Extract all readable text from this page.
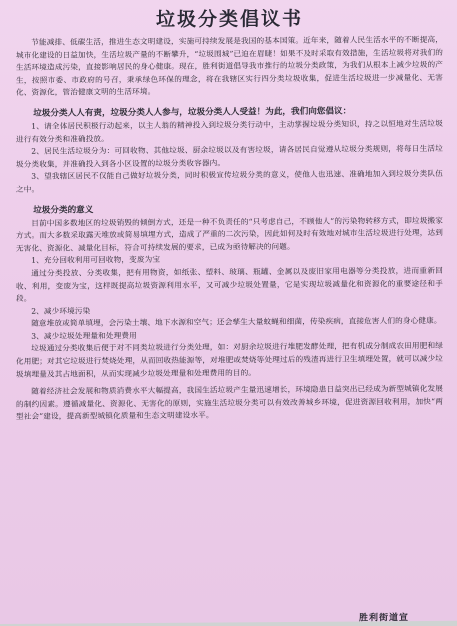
垃圾分类倡议书

节能减排、低碳生活，推进生态文明建设，实施可持续发展是我国的基本国策。近年来，随着人民生活水平的不断提高，城市化建设的日益加快，生活垃圾产量的不断攀升，“垃圾围城”已迫在眉睫！如果不及时采取有效措施，生活垃圾将对我们的生活环境造成污染，直接影响居民的身心健康。现在，胜利街道倡导我市推行的垃圾分类政策，为我们从根本上减少垃圾的产生，按照市委、市政府的号召，秉承绿色环保的理念，将在我辖区实行四分类垃圾收集，促进生活垃圾进一步减量化、无害化、资源化，管治健康文明的生活环境。

垃圾分类人人有责，垃圾分类人人参与，垃圾分类人人受益！为此，我们向您倡议：

1、请全体居民积极行动起来，以主人翁的精神投入到垃圾分类行动中，主动掌握垃圾分类知识，持之以恒地对生活垃圾进行有效分类和准确投放。

2、居民生活垃圾分为：可回收物、其他垃圾、厨余垃圾以及有害垃圾，请各居民自觉遵从垃圾分类规则，将每日生活垃圾分类收集，并准确投入到各小区设置的垃圾分类收容器内。

3、望我辖区居民不仅能自己做好垃圾分类，同时积极宣传垃圾分类的意义，使他人也迅速、准确地加入到垃圾分类队伍之中。

垃圾分类的意义

目前中国多数地区的垃圾销毁的倾倒方式，还是一种不负责任的“只考虑自己，不顾他人”的污染物转移方式，即垃圾搬家方式。而大多数采取露天堆放或简易填埋方式，造成了严重的二次污染，因此如何及时有效地对城市生活垃圾进行处理，达到无害化、资源化、减量化目标，符合可持续发展的要求，已成为亟待解决的问题。

1、充分回收利用可回收物，变废为宝

通过分类投放、分类收集，把有用物资，如纸张、塑料、玻璃、瓶罐、金属以及废旧家用电器等分类投放，进而重新回收、利用，变废为宝，这样既提高垃圾资源利用水平，又可减少垃圾处置量，它是实现垃圾减量化和资源化的重要途径和手段。

2、减少环境污染

随意堆放或简单填埋，会污染土壤、地下水源和空气；还会孳生大量蚊蝇和细菌，传染疾病，直接危害人们的身心健康。

3、减少垃圾处理量和处理费用

垃圾通过分类收集后便于对不同类垃圾进行分类处理，如：对厨余垃圾进行堆肥发酵处理，把有机成分制成农田用肥和绿化用肥；对其它垃圾进行焚烧处理，从而回收热能源等，对堆肥或焚烧等处理过后的残渣再进行卫生填埋处置，就可以减少垃圾填埋量及其占地面积，从而实现减少垃圾处理量和处理费用的目的。

随着经济社会发展和物质消费水平大幅提高，我国生活垃圾产生量迅速增长，环境隐患日益突出已经成为新型城镇化发展的制约因素。遵循减量化、资源化、无害化的原则，实施生活垃圾分类可以有效改善城乡环境，促进资源回收利用，加快“两型社会”建设，提高新型城镇化质量和生态文明建设水平。

胜利街道宣
